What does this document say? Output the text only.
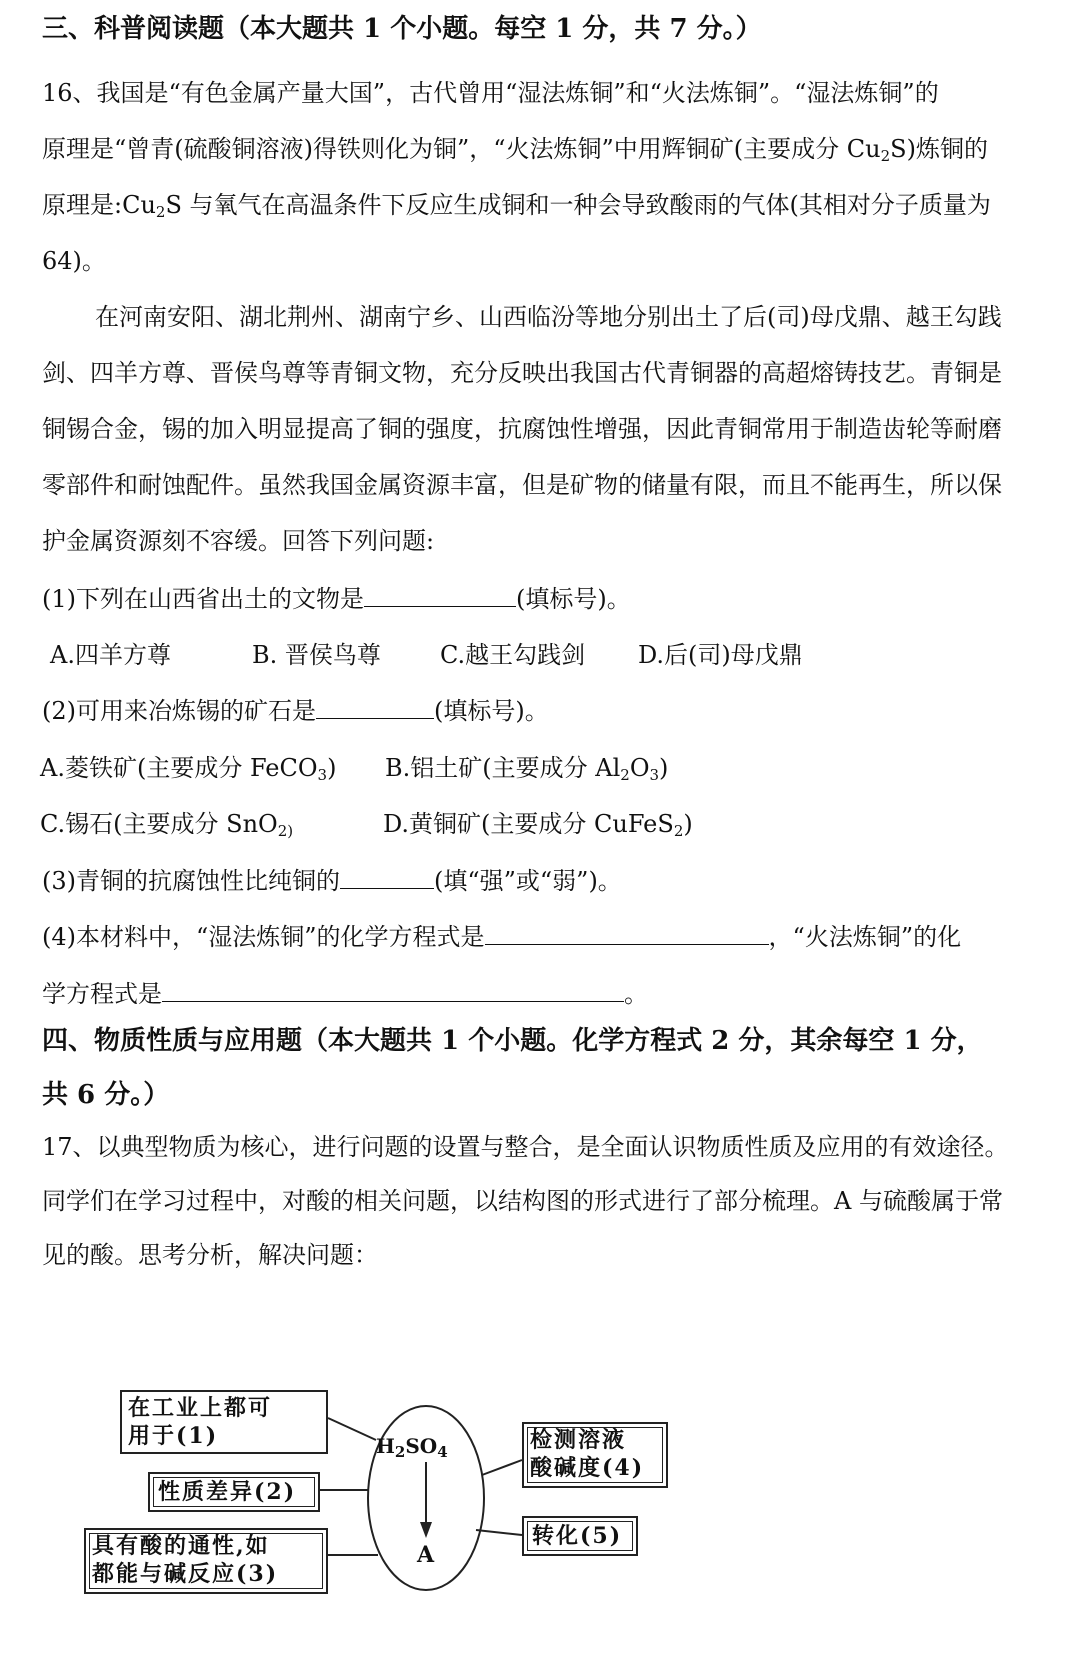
三、科普阅读题（本大题共 1 个小题。每空 1 分，共 7 分。）
16、我国是“有色金属产量大国”，古代曾用“湿法炼铜”和“火法炼铜”。“湿法炼铜”的
原理是“曾青(硫酸铜溶液)得铁则化为铜”，“火法炼铜”中用辉铜矿(主要成分 $Cu_2S$)炼铜的
原理是$:Cu_2S$ 与氧气在高温条件下反应生成铜和一种会导致酸雨的气体(其相对分子质量为
64)。
在河南安阳、湖北荆州、湖南宁乡、山西临汾等地分别出土了后(司)母戊鼎、越王勾践
剑、四羊方尊、晋侯鸟尊等青铜文物，充分反映出我国古代青铜器的高超熔铸技艺。青铜是
铜锡合金，锡的加入明显提高了铜的强度，抗腐蚀性增强，因此青铜常用于制造齿轮等耐磨
零部件和耐蚀配件。虽然我国金属资源丰富，但是矿物的储量有限，而且不能再生，所以保
护金属资源刻不容缓。回答下列问题:
(1)下列在山西省出土的文物是	(填标号)。
A.四羊方尊	B. 晋侯鸟尊 C.越王勾践剑 D.后(司)母戊鼎
(2)可用来冶炼锡的矿石是	(填标号)。
A.菱铁矿(主要成分 FeCO$_3$) B.铝土矿(主要成分 $Al_2O_3$)
C.锡石(主要成分 SnO$_{2)}$	D.黄铜矿(主要成分 CuFeS$_2$)
(3)青铜的抗腐蚀性比纯铜的	(填“强”或“弱”)。
(4)本材料中，“湿法炼铜”的化学方程式是	，“火法炼铜”的化
学方程式是	。
四、物质性质与应用题（本大题共 1 个小题。化学方程式 2 分，其余每空 1 分，
共 6 分。）
17、以典型物质为核心，进行问题的设置与整合，是全面认识物质性质及应用的有效途径。
同学们在学习过程中，对酸的相关问题，以结构图的形式进行了部分梳理。A 与硫酸属于常
见的酸。思考分析，解决问题：
在工业上都可
用于(1)
性质差异(2)
具有酸的通性,如
都能与碱反应(3)
$H_2SO_4$
A
检测溶液
酸碱度(4)
转化(5)
